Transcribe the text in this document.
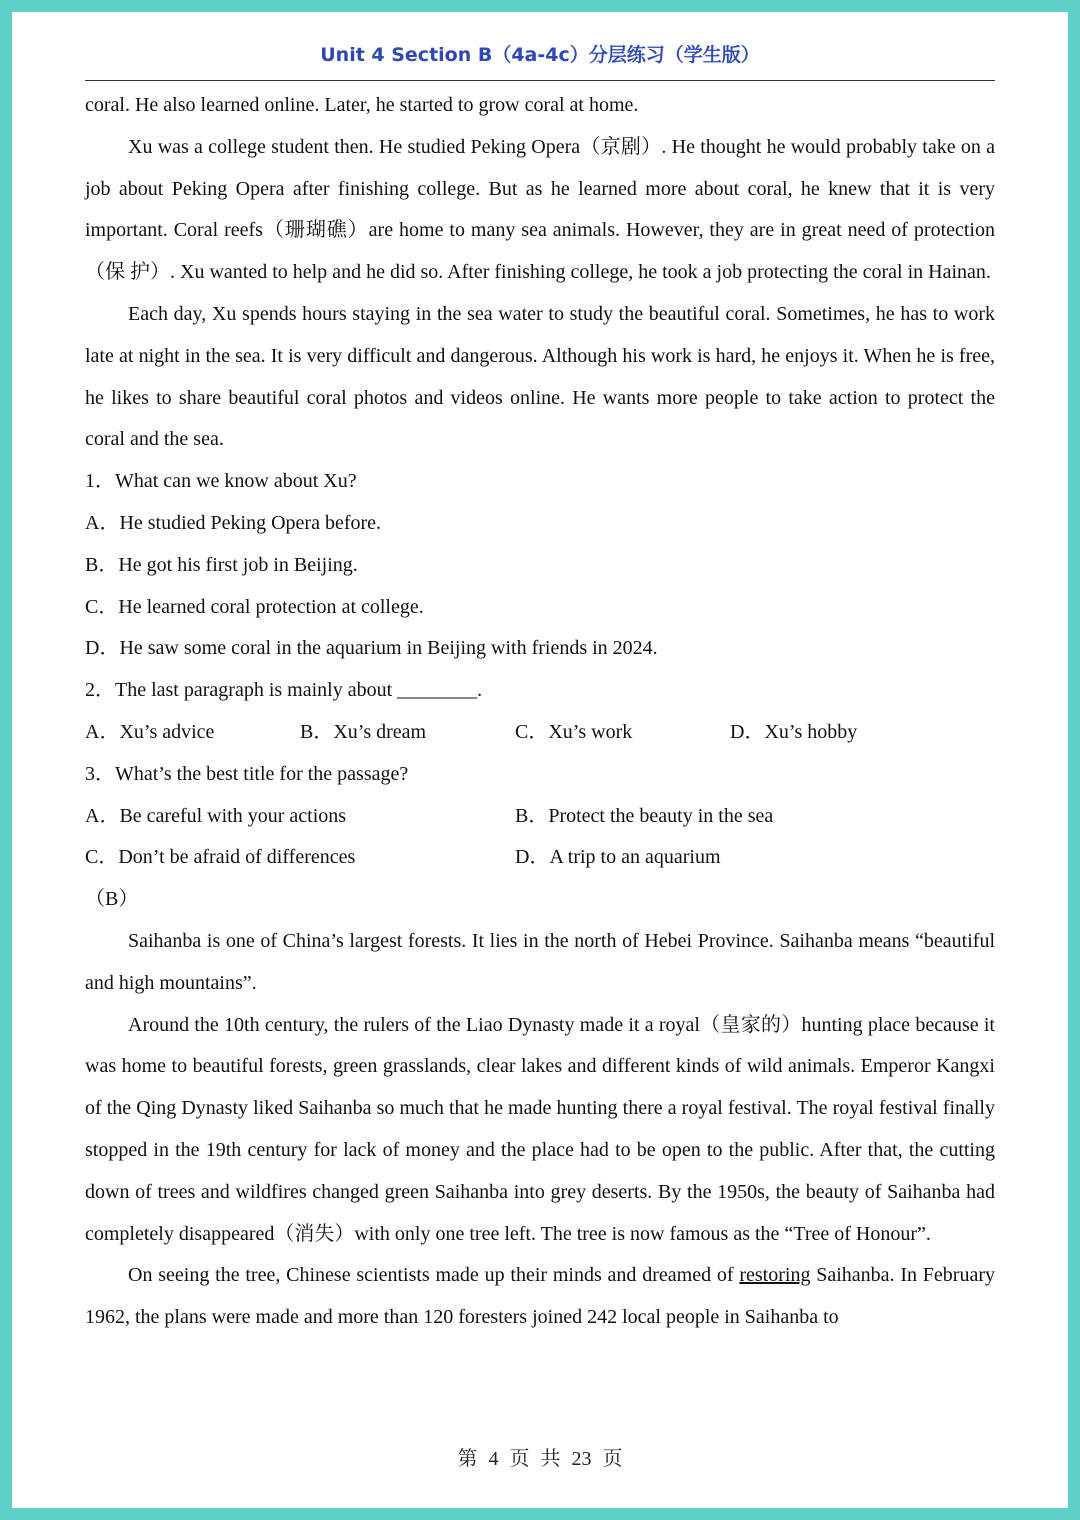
Unit 4 Section B（4a-4c）分层练习（学生版）

coral. He also learned online. Later, he started to grow coral at home.

Xu was a college student then. He studied Peking Opera（京剧）. He thought he would probably take on a job about Peking Opera after finishing college. But as he learned more about coral, he knew that it is very important. Coral reefs（珊瑚礁）are home to many sea animals. However, they are in great need of protection（保 护）. Xu wanted to help and he did so. After finishing college, he took a job protecting the coral in Hainan.

Each day, Xu spends hours staying in the sea water to study the beautiful coral. Sometimes, he has to work late at night in the sea. It is very difficult and dangerous. Although his work is hard, he enjoys it. When he is free, he likes to share beautiful coral photos and videos online. He wants more people to take action to protect the coral and the sea.

1．What can we know about Xu?

A．He studied Peking Opera before.

B．He got his first job in Beijing.

C．He learned coral protection at college.

D．He saw some coral in the aquarium in Beijing with friends in 2024.

2．The last paragraph is mainly about ________.

A．Xu’s advice	B．Xu’s dream	C．Xu’s work	D．Xu’s hobby

3．What’s the best title for the passage?

A．Be careful with your actions	B．Protect the beauty in the sea
C．Don’t be afraid of differences	D．A trip to an aquarium

（B）

Saihanba is one of China’s largest forests. It lies in the north of Hebei Province. Saihanba means “beautiful and high mountains”.

Around the 10th century, the rulers of the Liao Dynasty made it a royal（皇家的）hunting place because it was home to beautiful forests, green grasslands, clear lakes and different kinds of wild animals. Emperor Kangxi of the Qing Dynasty liked Saihanba so much that he made hunting there a royal festival. The royal festival finally stopped in the 19th century for lack of money and the place had to be open to the public. After that, the cutting down of trees and wildfires changed green Saihanba into grey deserts. By the 1950s, the beauty of Saihanba had completely disappeared（消失）with only one tree left. The tree is now famous as the “Tree of Honour”.

On seeing the tree, Chinese scientists made up their minds and dreamed of restoring Saihanba. In February 1962, the plans were made and more than 120 foresters joined 242 local people in Saihanba to

第 4 页 共 23 页
